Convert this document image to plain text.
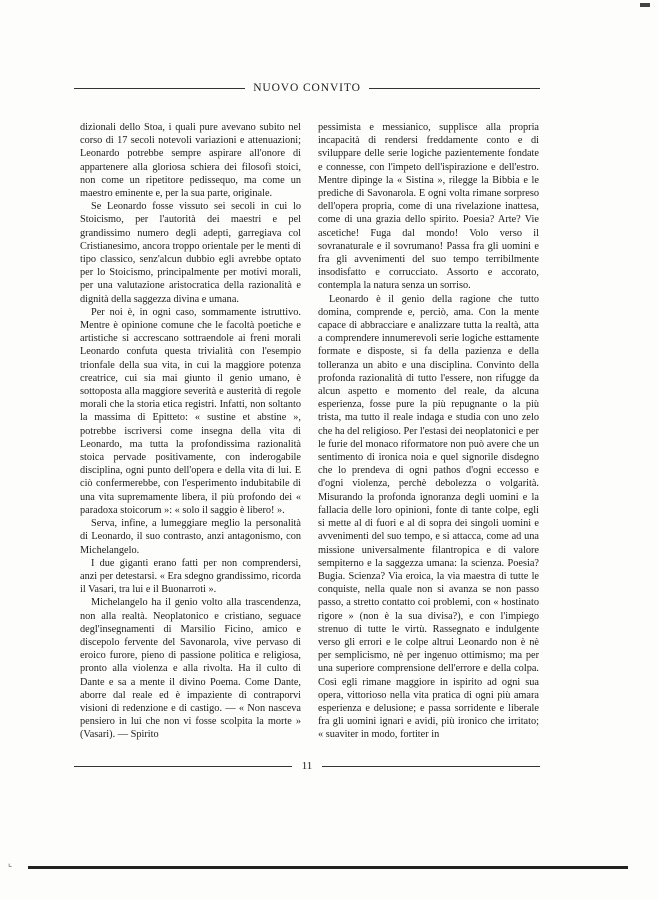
NUOVO CONVITO

dizionali dello Stoa, i quali pure avevano subito nel corso di 17 secoli notevoli variazioni e attenuazioni; Leonardo potrebbe sempre aspirare all'onore di appartenere alla gloriosa schiera dei filosofi stoici, non come un ripetitore pedissequo, ma come un maestro eminente e, per la sua parte, originale.

Se Leonardo fosse vissuto sei secoli in cui lo Stoicismo, per l'autorità dei maestri e pel grandissimo numero degli adepti, garregiava col Cristianesimo, ancora troppo orientale per le menti di tipo classico, senz'alcun dubbio egli avrebbe optato per lo Stoicismo, principalmente per motivi morali, per una valutazione aristocratica della razionalità e dignità della saggezza divina e umana.

Per noi è, in ogni caso, sommamente istruttivo. Mentre è opinione comune che le facoltà poetiche e artistiche si accrescano sottraendole ai freni morali Leonardo confuta questa trivialità con l'esempio trionfale della sua vita, in cui la maggiore potenza creatrice, cui sia mai giunto il genio umano, è sottoposta alla maggiore severità e austerità di regole morali che la storia etica registri. Infatti, non soltanto la massima di Epitteto: « sustine et abstine », potrebbe iscriversi come insegna della vita di Leonardo, ma tutta la profondissima razionalità stoica pervade positivamente, con inderogabile disciplina, ogni punto dell'opera e della vita di lui. E ciò confermerebbe, con l'esperimento indubitabile di una vita supremamente libera, il più profondo dei « paradoxa stoicorum »: « solo il saggio è libero! ».

Serva, infine, a lumeggiare meglio la personalità di Leonardo, il suo contrasto, anzi antagonismo, con Michelangelo.

I due giganti erano fatti per non comprendersi, anzi per detestarsi. « Era sdegno grandissimo, ricorda il Vasari, tra lui e il Buonarroti ».

Michelangelo ha il genio volto alla trascendenza, non alla realtà. Neoplatonico e cristiano, seguace degl'insegnamenti di Marsilio Ficino, amico e discepolo fervente del Savonarola, vive pervaso di eroico furore, pieno di passione politica e religiosa, pronto alla violenza e alla rivolta. Ha il culto di Dante e sa a mente il divino Poema. Come Dante, aborre dal reale ed è impaziente di contraporvi visioni di redenzione e di castigo. — « Non nasceva pensiero in lui che non vi fosse scolpita la morte » (Vasari). — Spirito

pessimista e messianico, supplisce alla propria incapacità di rendersi freddamente conto e di sviluppare delle serie logiche pazientemente fondate e connesse, con l'impeto dell'ispirazione e dell'estro. Mentre dipinge la « Sistina », rilegge la Bibbia e le prediche di Savonarola. E ogni volta rimane sorpreso dell'opera propria, come di una rivelazione inattesa, come di una grazia dello spirito. Poesia? Arte? Vie ascetiche! Fuga dal mondo! Volo verso il sovranaturale e il sovrumano! Passa fra gli uomini e fra gli avvenimenti del suo tempo terribilmente insodisfatto e corrucciato. Assorto e accorato, contempla la natura senza un sorriso.

Leonardo è il genio della ragione che tutto domina, comprende e, perciò, ama. Con la mente capace di abbracciare e analizzare tutta la realtà, atta a comprendere innumerevoli serie logiche esttamente formate e disposte, si fa della pazienza e della tolleranza un abito e una disciplina. Convinto della profonda razionalità di tutto l'essere, non rifugge da alcun aspetto e momento del reale, da alcuna esperienza, fosse pure la più repugnante o la più trista, ma tutto il reale indaga e studia con uno zelo che ha del religioso. Per l'estasi dei neoplatonici e per le furie del monaco riformatore non può avere che un sentimento di ironica noia e quel signorile disdegno che lo prendeva di ogni pathos d'ogni eccesso e d'ogni violenza, perchè debolezza o volgarità. Misurando la profonda ignoranza degli uomini e la fallacia delle loro opinioni, fonte di tante colpe, egli si mette al di fuori e al di sopra dei singoli uomini e avvenimenti del suo tempo, e si attacca, come ad una missione universalmente filantropica e di valore sempiterno e la saggezza umana: la scienza. Poesia? Bugia. Scienza? Via eroica, la via maestra di tutte le conquiste, nella quale non si avanza se non passo passo, a stretto contatto coi problemi, con « hostinato rigore » (non è la sua divisa?), e con l'impiego strenuo di tutte le virtù. Rassegnato e indulgente verso gli errori e le colpe altrui Leonardo non è nè per semplicismo, nè per ingenuo ottimismo; ma per una superiore comprensione dell'errore e della colpa. Così egli rimane maggiore in ispirito ad ogni sua opera, vittorioso nella vita pratica di ogni più amara esperienza e delusione; e passa sorridente e liberale fra gli uomini ignari e avidi, più ironico che irritato; « suaviter in modo, fortiter in

11
⌞
